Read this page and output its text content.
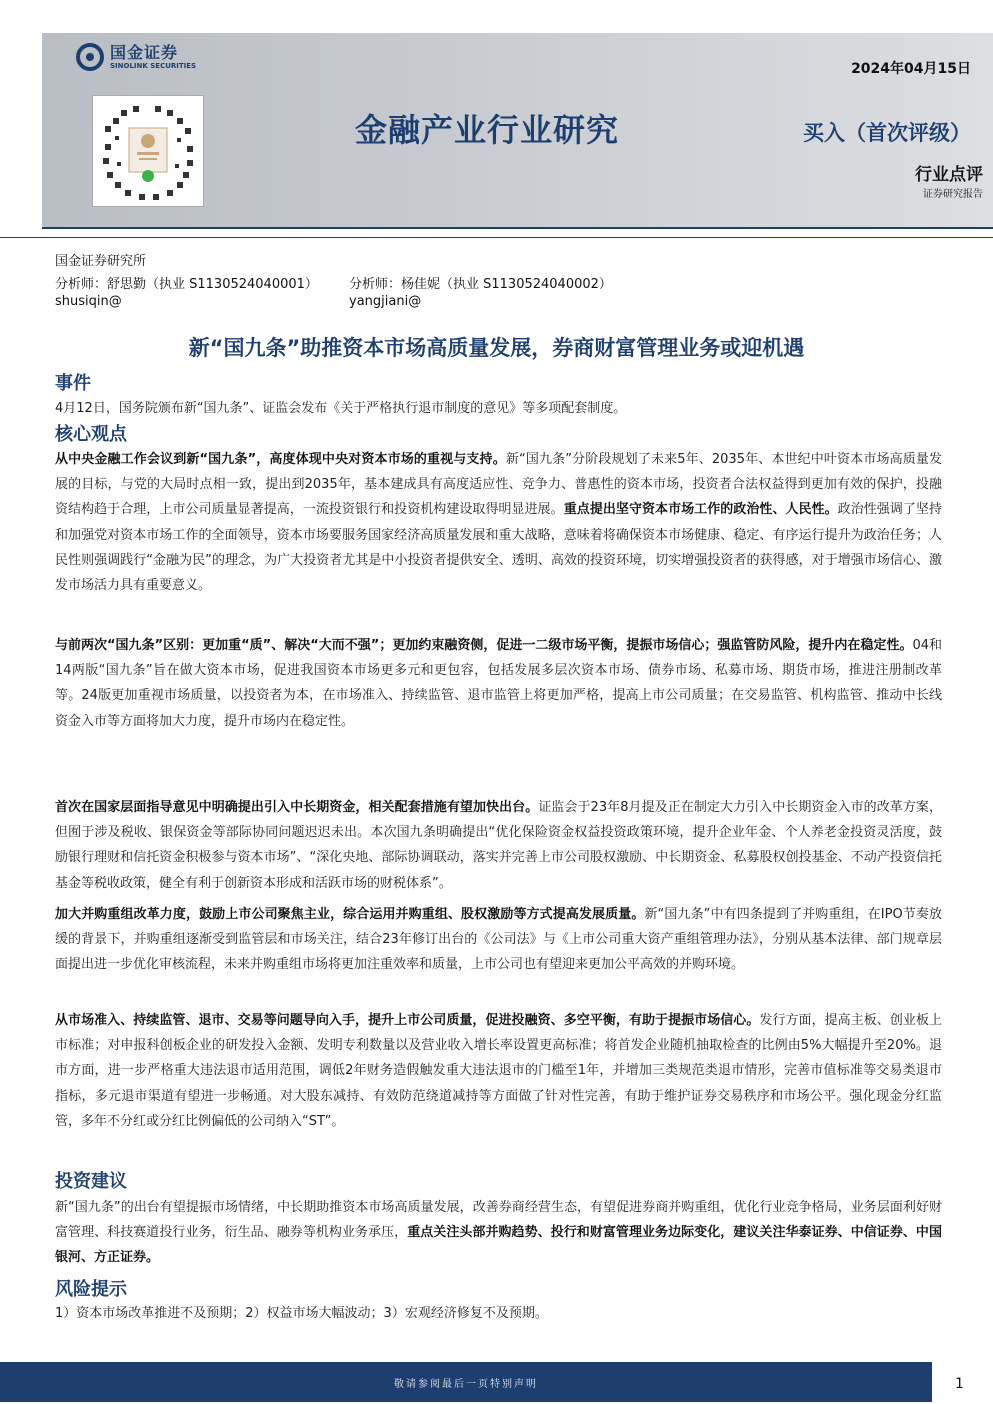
国金证券
SINOLINK SECURITIES	2024年04月15日
金融产业行业研究	买入（首次评级）
行业点评
证券研究报告
国金证券研究所
分析师：舒思勤（执业 S1130524040001） 分析师：杨佳妮（执业 S1130524040002）
shusiqin@	yangjiani@
新“国九条”助推资本市场高质量发展，券商财富管理业务或迎机遇
事件
4月12日，国务院颁布新“国九条”、证监会发布《关于严格执行退市制度的意见》等多项配套制度。
核心观点
从中央金融工作会议到新“国九条”，高度体现中央对资本市场的重视与支持。新“国九条”分阶段规划了未来5年、2035年、本世纪中叶资本市场高质量发展的目标，与党的大局时点相一致，提出到2035年，基本建成具有高度适应性、竞争力、普惠性的资本市场，投资者合法权益得到更加有效的保护，投融资结构趋于合理，上市公司质量显著提高，一流投资银行和投资机构建设取得明显进展。重点提出坚守资本市场工作的政治性、人民性。政治性强调了坚持和加强党对资本市场工作的全面领导，资本市场要服务国家经济高质量发展和重大战略，意味着将确保资本市场健康、稳定、有序运行提升为政治任务；人民性则强调践行“金融为民”的理念，为广大投资者尤其是中小投资者提供安全、透明、高效的投资环境，切实增强投资者的获得感，对于增强市场信心、激发市场活力具有重要意义。
与前两次“国九条”区别：更加重“质”、解决“大而不强”；更加约束融资侧，促进一二级市场平衡，提振市场信心；强监管防风险，提升内在稳定性。04和14两版“国九条”旨在做大资本市场，促进我国资本市场更多元和更包容，包括发展多层次资本市场、债券市场、私募市场、期货市场，推进注册制改革等。24版更加重视市场质量，以投资者为本，在市场准入、持续监管、退市监管上将更加严格，提高上市公司质量；在交易监管、机构监管、推动中长线资金入市等方面将加大力度，提升市场内在稳定性。
首次在国家层面指导意见中明确提出引入中长期资金，相关配套措施有望加快出台。证监会于23年8月提及正在制定大力引入中长期资金入市的改革方案，但囿于涉及税收、银保资金等部际协同问题迟迟未出。本次国九条明确提出“优化保险资金权益投资政策环境，提升企业年金、个人养老金投资灵活度，鼓励银行理财和信托资金积极参与资本市场”、“深化央地、部际协调联动，落实并完善上市公司股权激励、中长期资金、私募股权创投基金、不动产投资信托基金等税收政策，健全有利于创新资本形成和活跃市场的财税体系”。
加大并购重组改革力度，鼓励上市公司聚焦主业，综合运用并购重组、股权激励等方式提高发展质量。新“国九条”中有四条提到了并购重组，在IPO节奏放缓的背景下，并购重组逐渐受到监管层和市场关注，结合23年修订出台的《公司法》与《上市公司重大资产重组管理办法》，分别从基本法律、部门规章层面提出进一步优化审核流程，未来并购重组市场将更加注重效率和质量，上市公司也有望迎来更加公平高效的并购环境。
从市场准入、持续监管、退市、交易等问题导向入手，提升上市公司质量，促进投融资、多空平衡，有助于提振市场信心。发行方面，提高主板、创业板上市标准；对申报科创板企业的研发投入金额、发明专利数量以及营业收入增长率设置更高标准；将首发企业随机抽取检查的比例由5%大幅提升至20%。退市方面，进一步严格重大违法退市适用范围，调低2年财务造假触发重大违法退市的门槛至1年，并增加三类规范类退市情形，完善市值标准等交易类退市指标，多元退市渠道有望进一步畅通。对大股东减持、有效防范绕道减持等方面做了针对性完善，有助于维护证券交易秩序和市场公平。强化现金分红监管，多年不分红或分红比例偏低的公司纳入“ST”。
投资建议
新“国九条”的出台有望提振市场情绪，中长期助推资本市场高质量发展，改善券商经营生态，有望促进券商并购重组，优化行业竞争格局，业务层面利好财富管理、科技赛道投行业务，衍生品、融券等机构业务承压，重点关注头部并购趋势、投行和财富管理业务边际变化，建议关注华泰证券、中信证券、中国银河、方正证券。
风险提示
1）资本市场改革推进不及预期；2）权益市场大幅波动；3）宏观经济修复不及预期。
敬请参阅最后一页特别声明	1
